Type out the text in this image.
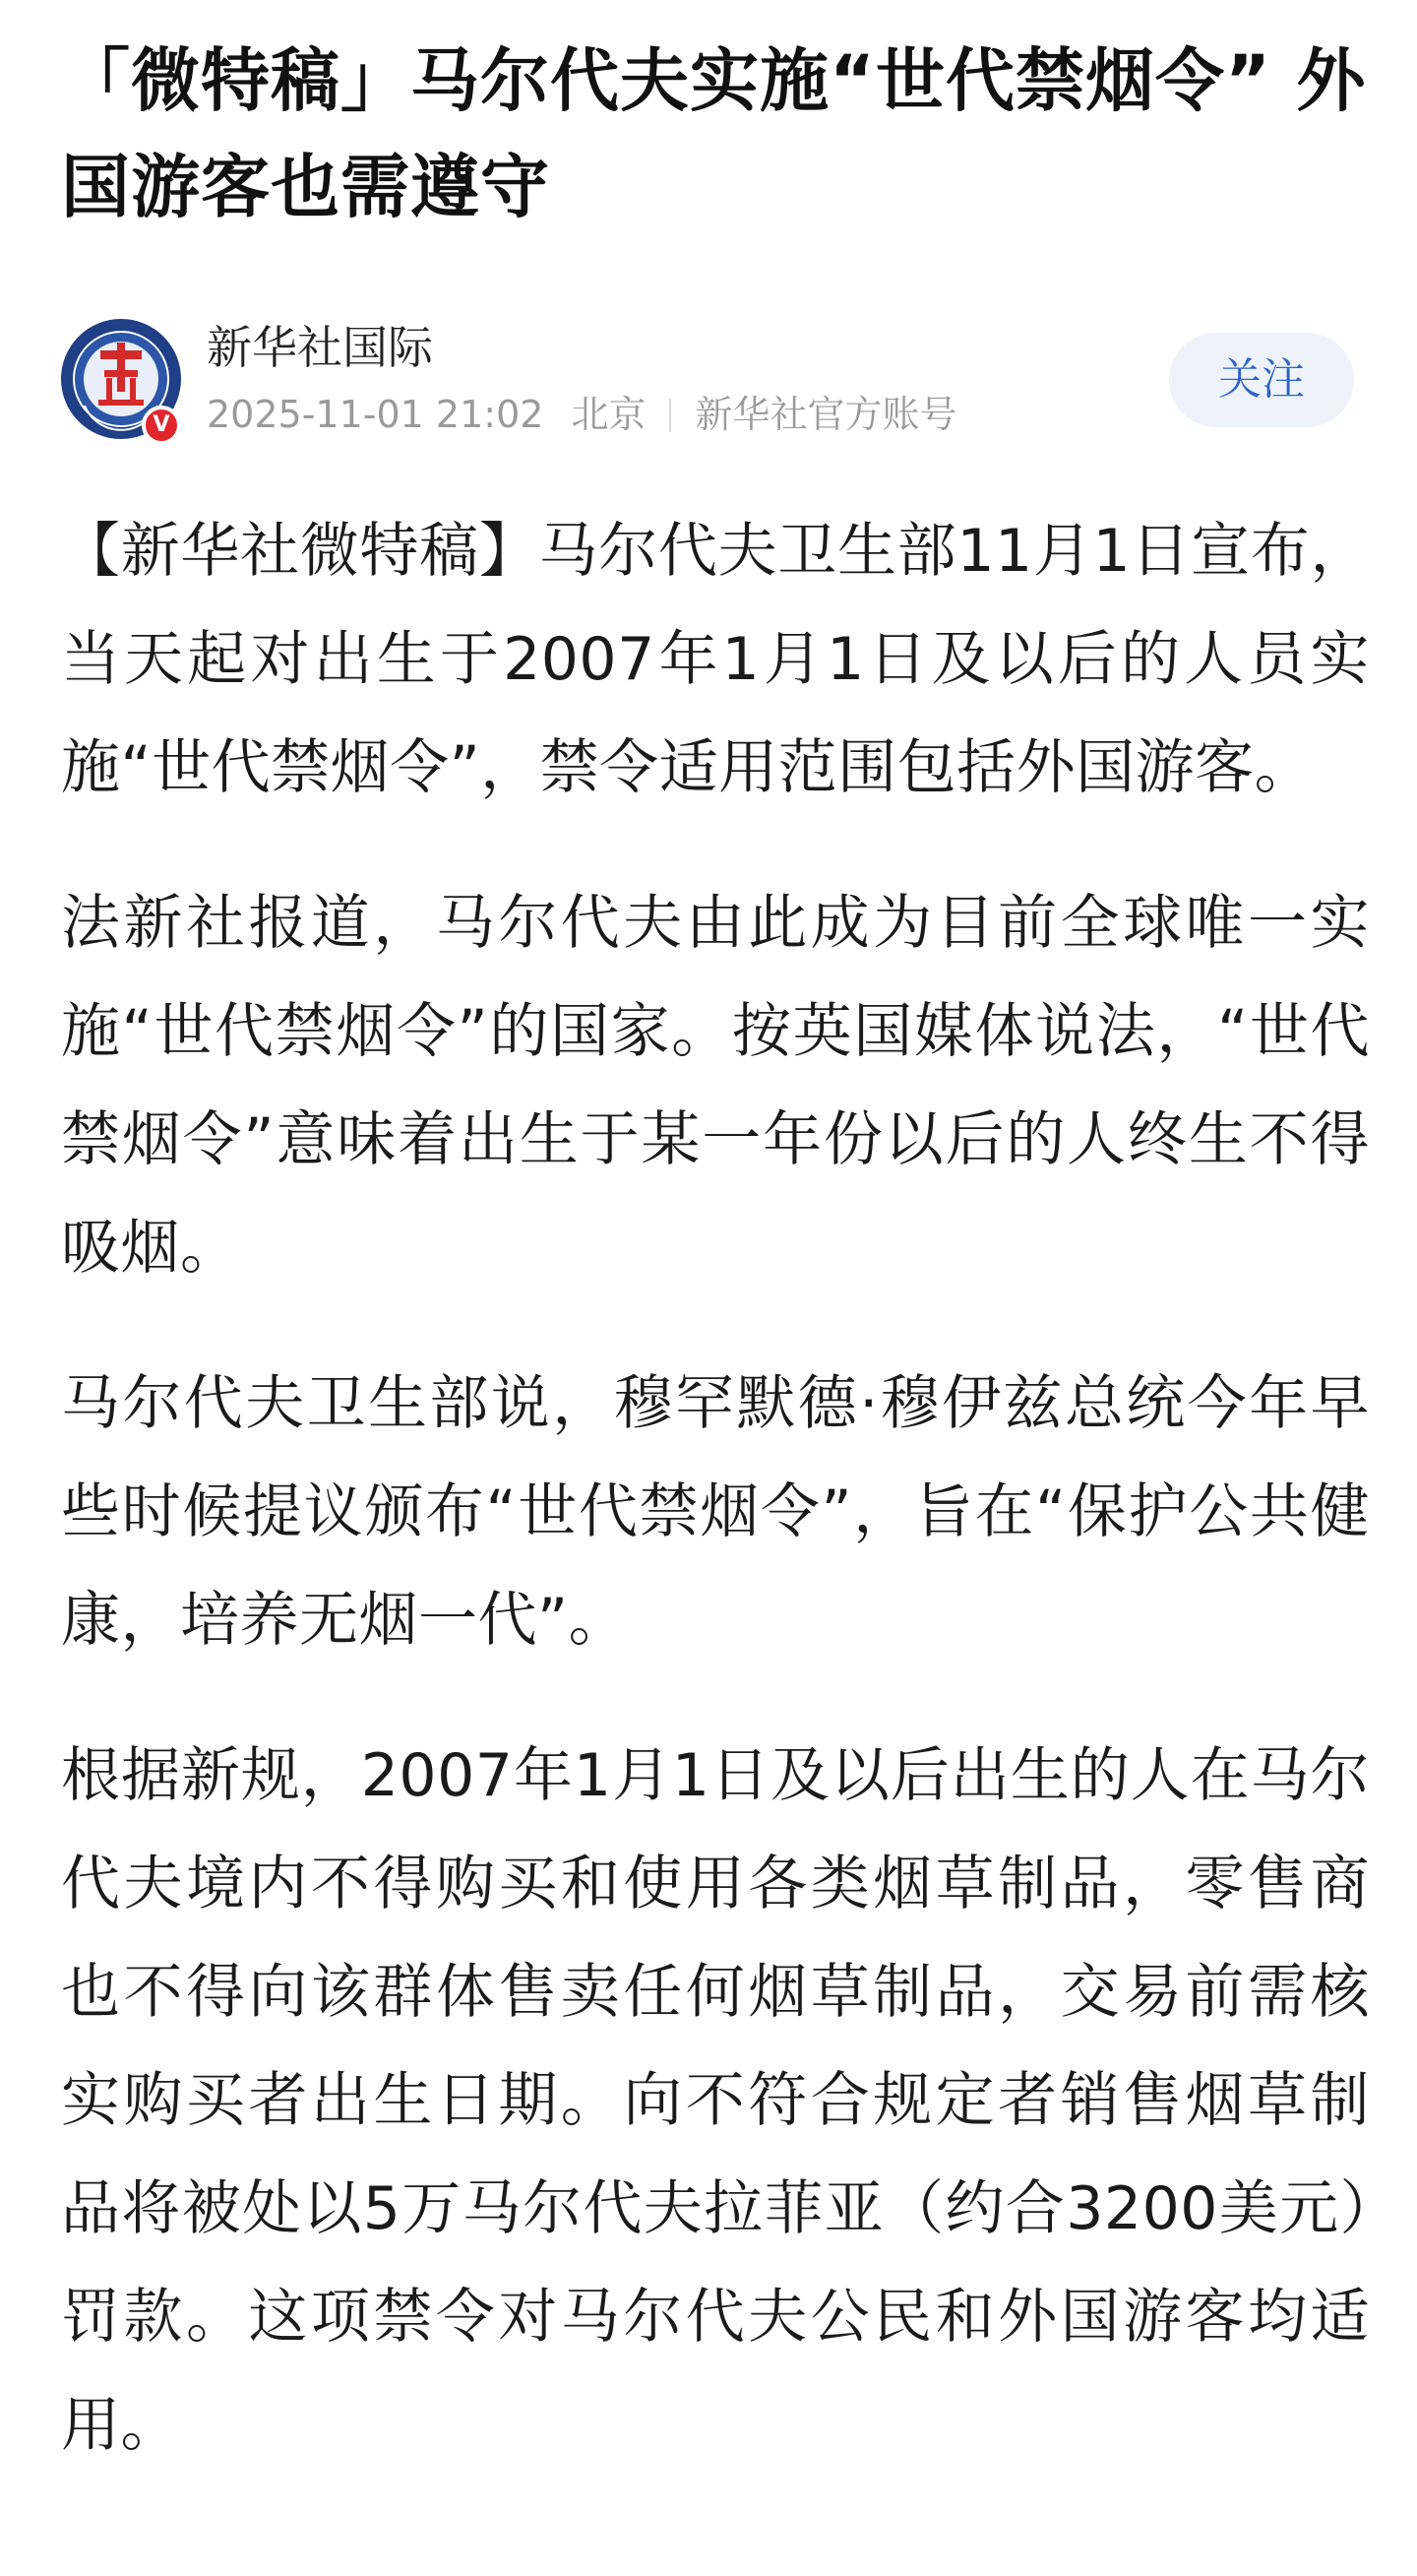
「微特稿」马尔代夫实施“世代禁烟令” 外国游客也需遵守
V
新华社国际
2025-11-01 21:02 北京 新华社官方账号
关注

【新华社微特稿】马尔代夫卫生部11月1日宣布，当天起对出生于2007年1月1日及以后的人员实施“世代禁烟令”，禁令适用范围包括外国游客。

法新社报道，马尔代夫由此成为目前全球唯一实施“世代禁烟令”的国家。按英国媒体说法，“世代禁烟令”意味着出生于某一年份以后的人终生不得吸烟。

马尔代夫卫生部说，穆罕默德·穆伊兹总统今年早些时候提议颁布“世代禁烟令”，旨在“保护公共健康，培养无烟一代”。

根据新规，2007年1月1日及以后出生的人在马尔代夫境内不得购买和使用各类烟草制品，零售商也不得向该群体售卖任何烟草制品，交易前需核实购买者出生日期。向不符合规定者销售烟草制品将被处以5万马尔代夫拉菲亚（约合3200美元）罚款。这项禁令对马尔代夫公民和外国游客均适用。
